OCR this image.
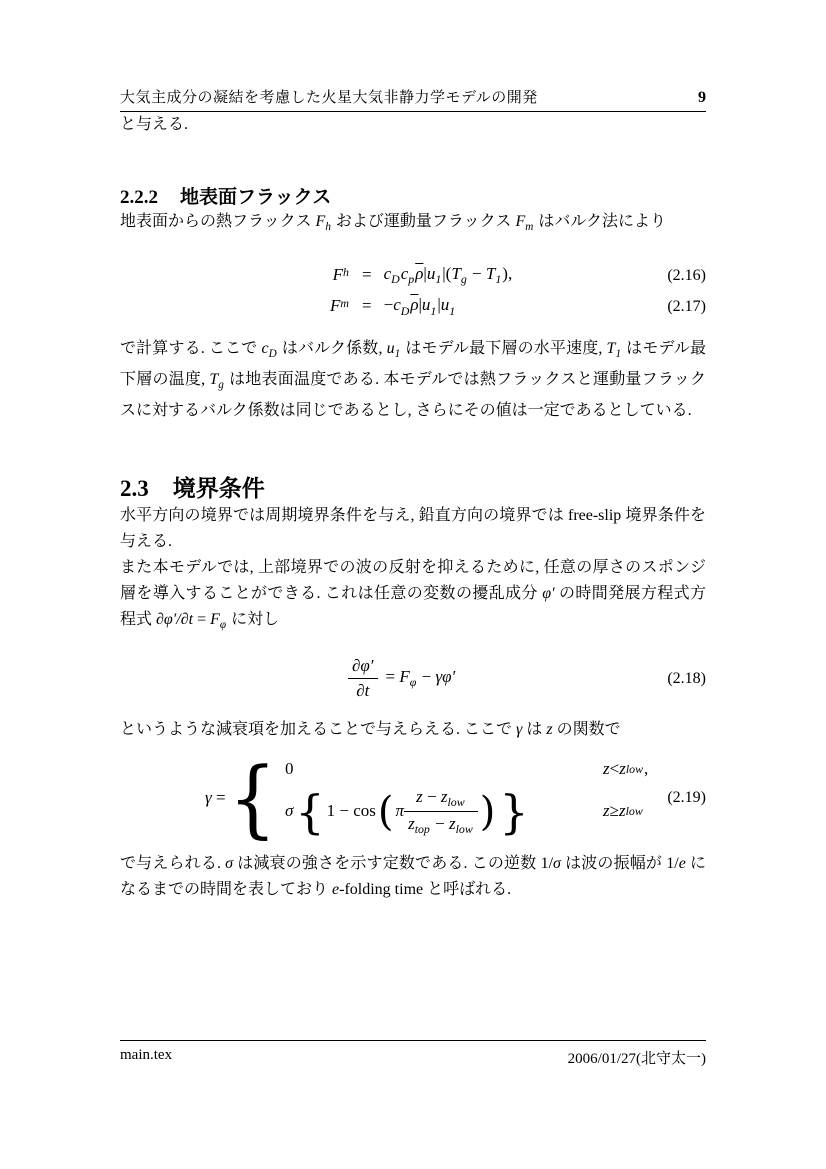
大気主成分の凝結を考慮した火星大気非静力学モデルの開発	9

と与える.

2.2.2 地表面フラックス

地表面からの熱フラックス $F_h$ および運動量フラックス $F_m$ はバルク法により

F $h = c_Dc_p\overline{\rho}|u_1|(T_g - T_1)$,	(2.16)
F $m = -c_D\overline{\rho}|u_1|u_1$	(2.17)

で計算する. ここで $c_D$ はバルク係数, $u_1$ はモデル最下層の水平速度, $T_1$ はモデル最下層の温度, $T_g$ は地表面温度である. 本モデルでは熱フラックスと運動量フラックスに対するバルク係数は同じであるとし, さらにその値は一定であるとしている.

2.3 境界条件

水平方向の境界では周期境界条件を与え, 鉛直方向の境界では free-slip 境界条件を与える.

また本モデルでは, 上部境界での波の反射を抑えるために, 任意の厚さのスポンジ層を導入することができる. これは任意の変数の擾乱成分 φ′ の時間発展方程式方程式 $\partial\varphi'/\partial t = F_\varphi$ に対し

$\frac{\partial\varphi'}{\partial t} = F_\varphi - \gamma\varphi'$	(2.18)

というような減衰項を加えることで与えらえる. ここで γ は z の関数で

γ = { 0	z < z low ,
σ { 1 − cos ( π $\frac{z - z_{low}}{z_{top} - z_{low}}$ ) }	z ≥ z low
(2.19)

で与えられる. σ は減衰の強さを示す定数である. この逆数 1/σ は波の振幅が 1/e になるまでの時間を表しており e-folding time と呼ばれる.

main.tex	2006/01/27(北守太一)
